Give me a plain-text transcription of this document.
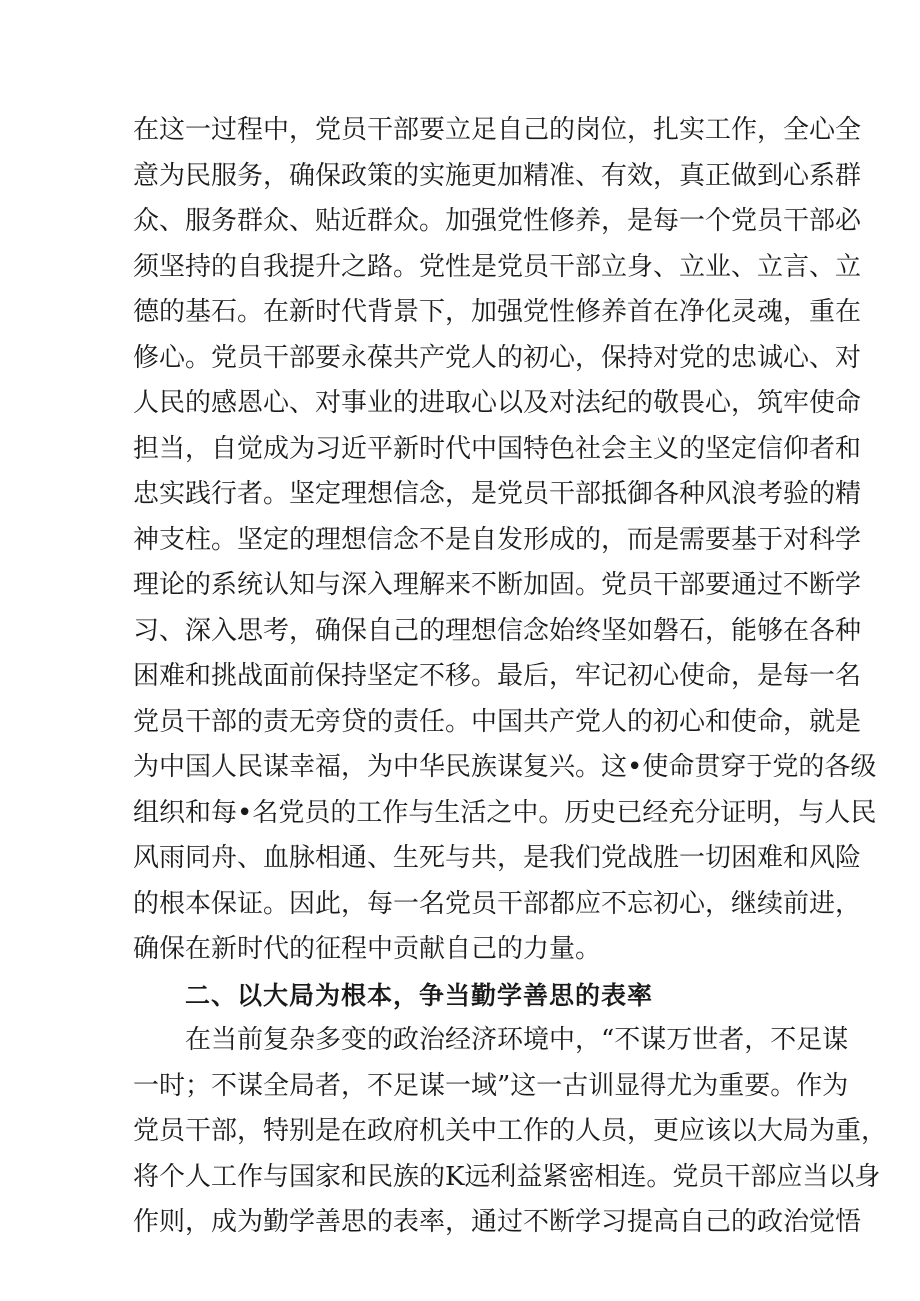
在这一过程中，党员干部要立足自己的岗位，扎实工作，全心全
意为民服务，确保政策的实施更加精准、有效，真正做到心系群
众、服务群众、贴近群众。加强党性修养，是每一个党员干部必
须坚持的自我提升之路。党性是党员干部立身、立业、立言、立
德的基石。在新时代背景下，加强党性修养首在净化灵魂，重在
修心。党员干部要永葆共产党人的初心，保持对党的忠诚心、对
人民的感恩心、对事业的进取心以及对法纪的敬畏心，筑牢使命
担当，自觉成为习近平新时代中国特色社会主义的坚定信仰者和
忠实践行者。坚定理想信念，是党员干部抵御各种风浪考验的精
神支柱。坚定的理想信念不是自发形成的，而是需要基于对科学
理论的系统认知与深入理解来不断加固。党员干部要通过不断学
习、深入思考，确保自己的理想信念始终坚如磐石，能够在各种
困难和挑战面前保持坚定不移。最后，牢记初心使命，是每一名
党员干部的责无旁贷的责任。中国共产党人的初心和使命，就是
为中国人民谋幸福，为中华民族谋复兴。这•使命贯穿于党的各级
组织和每•名党员的工作与生活之中。历史已经充分证明，与人民
风雨同舟、血脉相通、生死与共，是我们党战胜一切困难和风险
的根本保证。因此，每一名党员干部都应不忘初心，继续前进，
确保在新时代的征程中贡献自己的力量。
二、以大局为根本，争当勤学善思的表率
在当前复杂多变的政治经济环境中，“不谋万世者，不足谋
一时；不谋全局者，不足谋一域”这一古训显得尤为重要。作为
党员干部，特别是在政府机关中工作的人员，更应该以大局为重，
将个人工作与国家和民族的K远利益紧密相连。党员干部应当以身
作则，成为勤学善思的表率，通过不断学习提高自己的政治觉悟
